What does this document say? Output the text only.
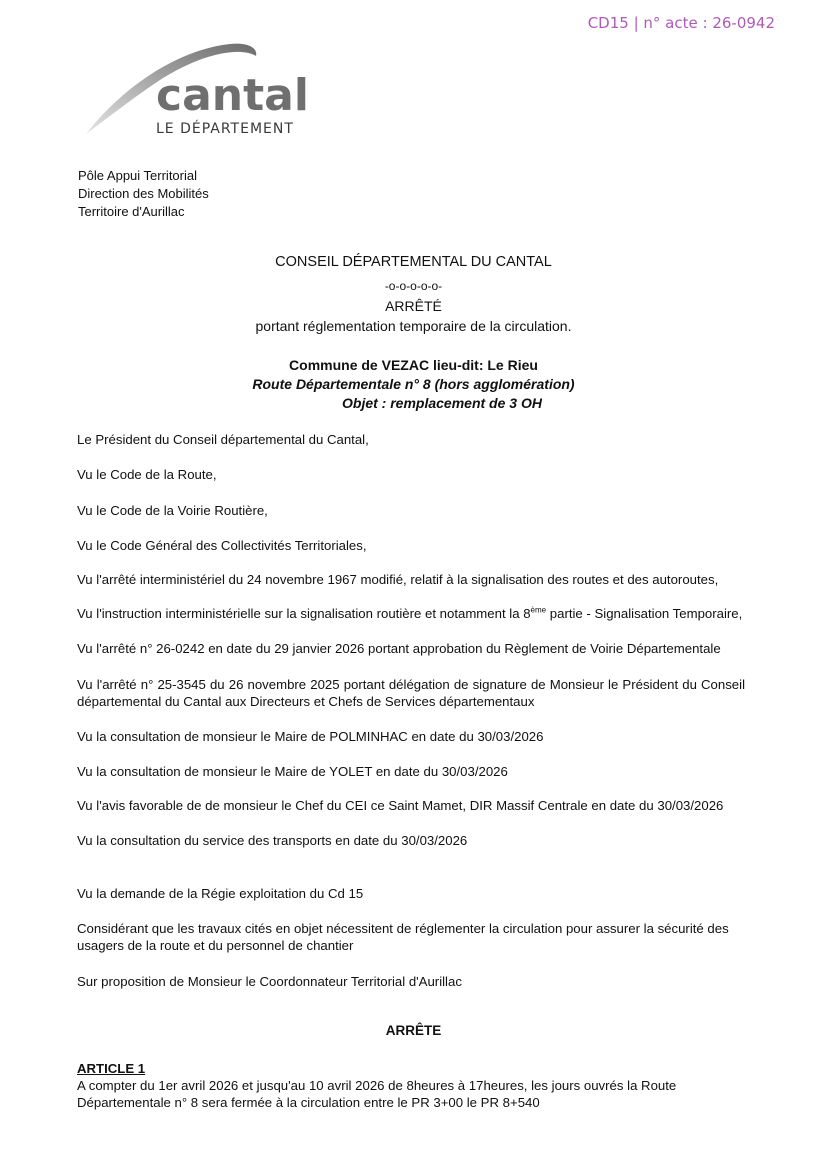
CD15 | n° acte : 26-0942
cantal
LE DÉPARTEMENT
Pôle Appui Territorial
Direction des Mobilités
Territoire d'Aurillac
CONSEIL DÉPARTEMENTAL DU CANTAL
-o-o-o-o-o-
ARRÊTÉ
portant réglementation temporaire de la circulation.
Commune de VEZAC lieu-dit: Le Rieu
Route Départementale n° 8 (hors agglomération)
Objet : remplacement de 3 OH
Le Président du Conseil départemental du Cantal,
Vu le Code de la Route,
Vu le Code de la Voirie Routière,
Vu le Code Général des Collectivités Territoriales,
Vu l'arrêté interministériel du 24 novembre 1967 modifié, relatif à la signalisation des routes et des autoroutes,
Vu l'instruction interministérielle sur la signalisation routière et notamment la 8ème partie - Signalisation Temporaire,
Vu l'arrêté n° 26-0242 en date du 29 janvier 2026 portant approbation du Règlement de Voirie Départementale
Vu l'arrêté n° 25-3545 du 26 novembre 2025 portant délégation de signature de Monsieur le Président du Conseil départemental du Cantal aux Directeurs et Chefs de Services départementaux
Vu la consultation de monsieur le Maire de POLMINHAC en date du 30/03/2026
Vu la consultation de monsieur le Maire de YOLET en date du 30/03/2026
Vu l'avis favorable de de monsieur le Chef du CEI ce Saint Mamet, DIR Massif Centrale en date du 30/03/2026
Vu la consultation du service des transports en date du 30/03/2026
Vu la demande de la Régie exploitation du Cd 15
Considérant que les travaux cités en objet nécessitent de réglementer la circulation pour assurer la sécurité des usagers de la route et du personnel de chantier
Sur proposition de Monsieur le Coordonnateur Territorial d'Aurillac
ARRÊTE
ARTICLE 1
A compter du 1er avril 2026 et jusqu'au 10 avril 2026 de 8heures à 17heures, les jours ouvrés la Route Départementale n° 8 sera fermée à la circulation entre le PR 3+00 le PR 8+540
